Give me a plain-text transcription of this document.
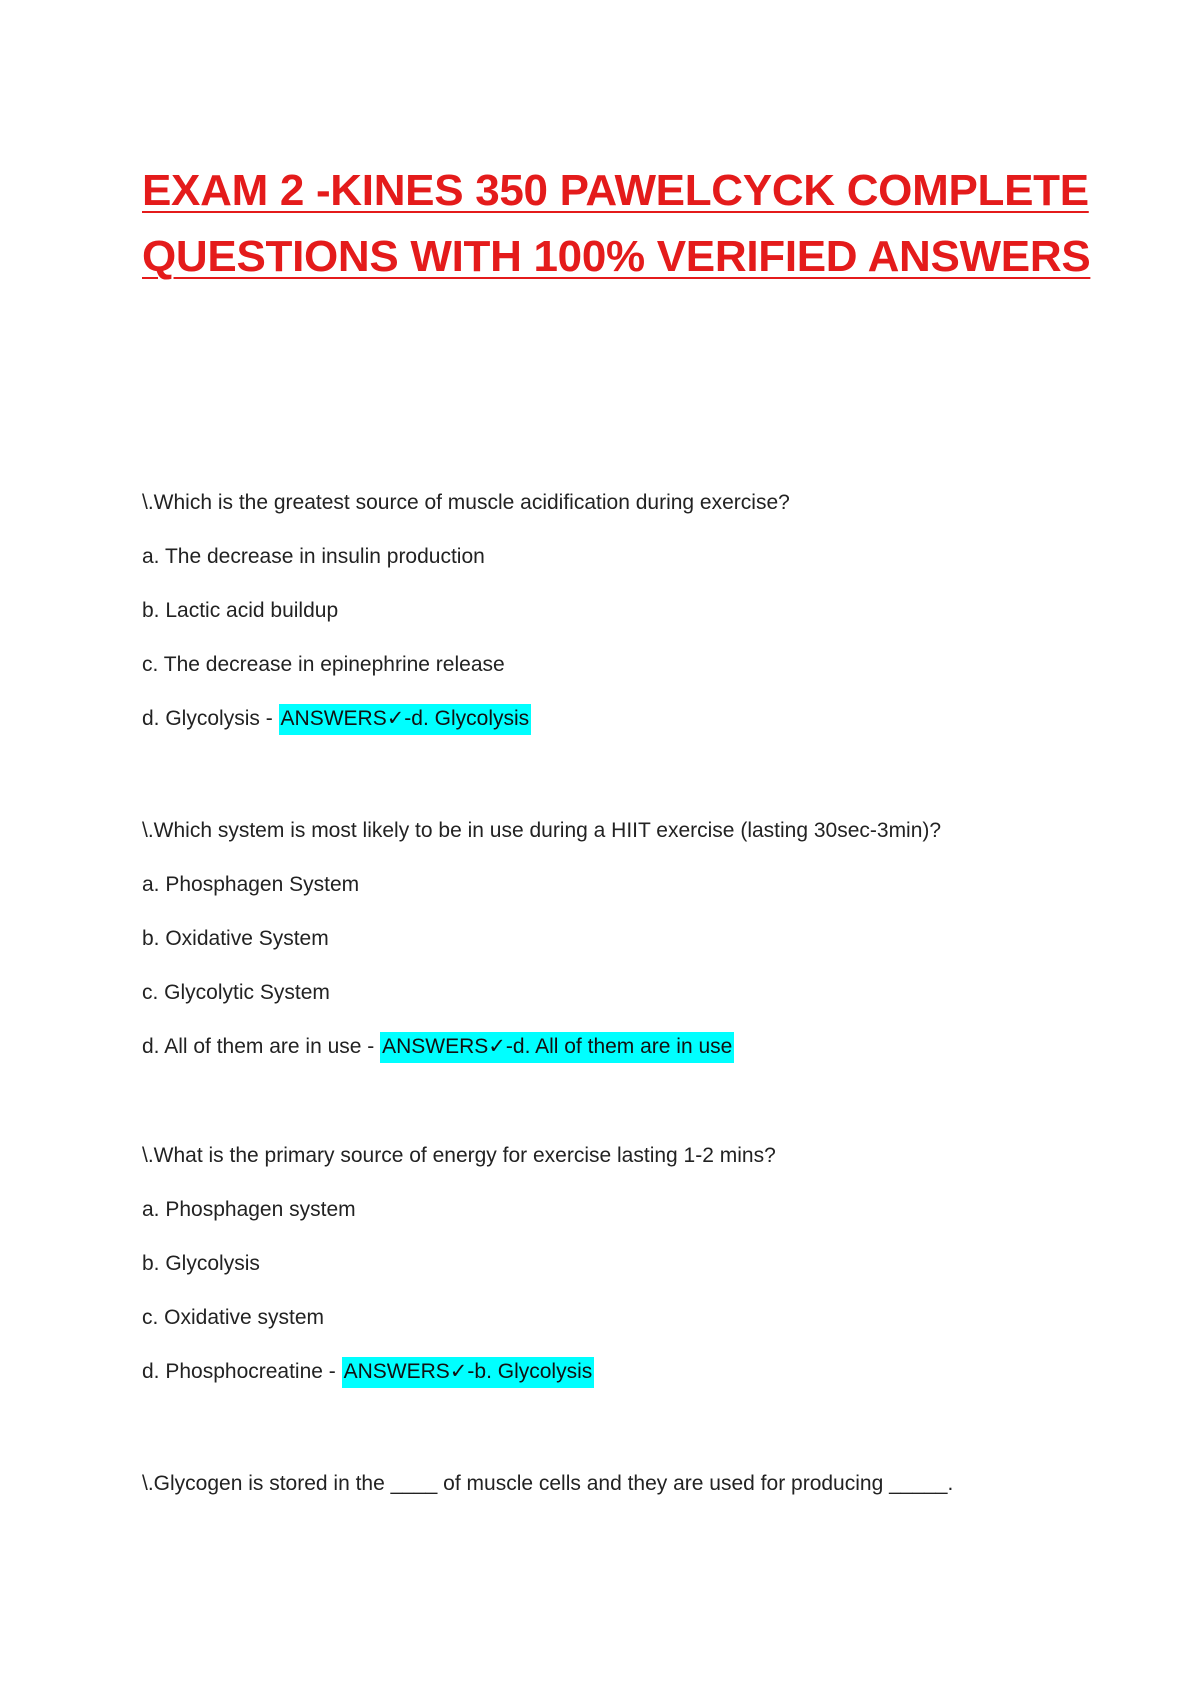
EXAM 2 -KINES 350 PAWELCYCK COMPLETE
QUESTIONS WITH 100% VERIFIED ANSWERS
\.Which is the greatest source of muscle acidification during exercise?
a. The decrease in insulin production
b. Lactic acid buildup
c. The decrease in epinephrine release
d. Glycolysis - ANSWERS✓-d. Glycolysis
\.Which system is most likely to be in use during a HIIT exercise (lasting 30sec-3min)?
a. Phosphagen System
b. Oxidative System
c. Glycolytic System
d. All of them are in use - ANSWERS✓-d. All of them are in use
\.What is the primary source of energy for exercise lasting 1-2 mins?
a. Phosphagen system
b. Glycolysis
c. Oxidative system
d. Phosphocreatine - ANSWERS✓-b. Glycolysis
\.Glycogen is stored in the ____ of muscle cells and they are used for producing _____.
